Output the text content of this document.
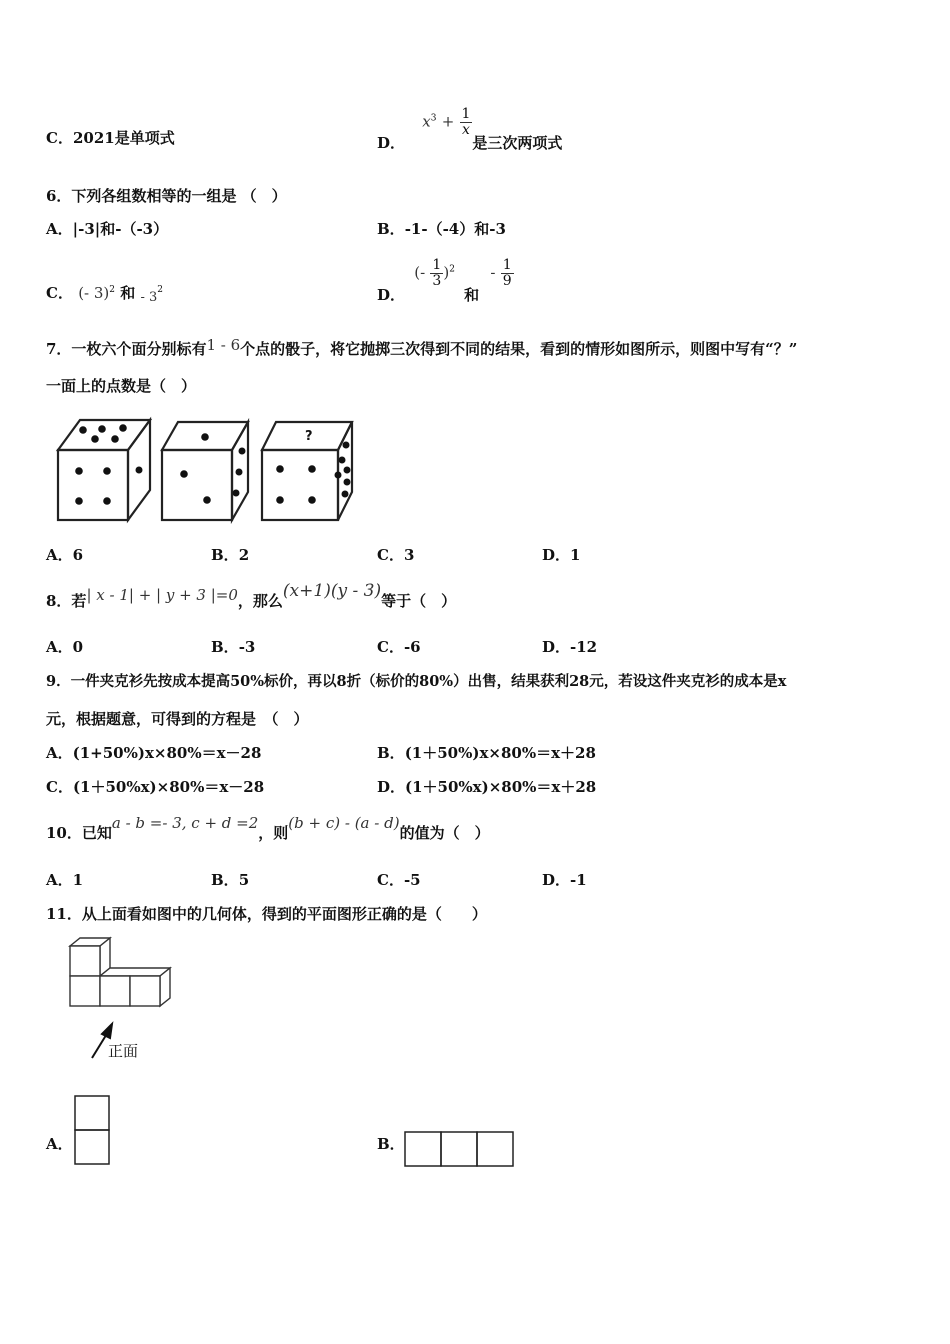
C．2021是单项式	D． $x^3 + \frac{1}{x}$
是三次两项式
6．下列各组数相等的一组是 （　）
A．|-3|和-（-3）	B．-1-（-4）和-3
C． (- 3)$^2$ 和 - $3^2$	D． (- $\frac{1}{3} )^2$ 和 - $\frac{1}{9}$
7．一枚六个面分别标有1 - 6个点的骰子，将它抛掷三次得到不同的结果，看到的情形如图所示，则图中写有“？”
一面上的点数是（　）
?
A．6	B．2	C．3	D．1
8．若| x - 1| + | y + 3 |=0，那么(x+1)(y - 3)等于（　）
A．0	B．-3	C．-6	D．-12
9．一件夹克衫先按成本提高50%标价，再以8折（标价的80%）出售，结果获利28元，若设这件夹克衫的成本是x
元，根据题意，可得到的方程是　（　）
A．(1+50%)x×80%＝x－28	B．(1＋50%)x×80%＝x＋28
C．(1＋50%x)×80%＝x－28	D．(1＋50%x)×80%＝x＋28
10．已知a - b =- 3, c + d =2，则(b + c) - (a - d)的值为（　）
A．1	B．5	C．-5	D．-1
11．从上面看如图中的几何体，得到的平面图形正确的是（　　）
正面
A．	B．
